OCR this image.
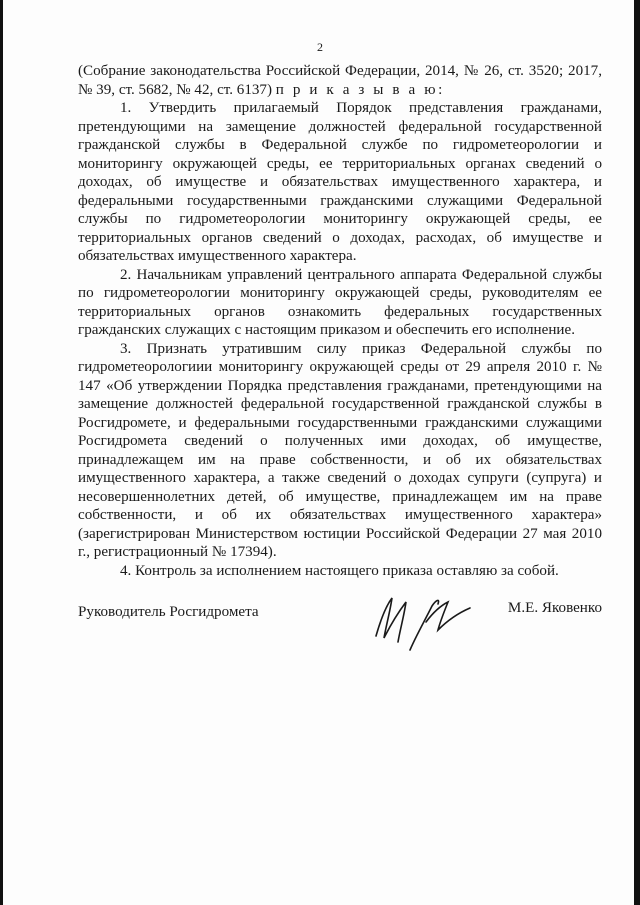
2

(Собрание законодательства Российской Федерации, 2014, № 26, ст. 3520; 2017, № 39, ст. 5682, № 42, ст. 6137) п р и к а з ы в а ю:

1. Утвердить прилагаемый Порядок представления гражданами, претендующими на замещение должностей федеральной государственной гражданской службы в Федеральной службе по гидрометеорологии и мониторингу окружающей среды, ее территориальных органах сведений о доходах, об имуществе и обязательствах имущественного характера, и федеральными государственными гражданскими служащими Федеральной службы по гидрометеорологии мониторингу окружающей среды, ее территориальных органов сведений о доходах, расходах, об имуществе и обязательствах имущественного характера.

2. Начальникам управлений центрального аппарата Федеральной службы по гидрометеорологии мониторингу окружающей среды, руководителям ее территориальных органов ознакомить федеральных государственных гражданских служащих с настоящим приказом и обеспечить его исполнение.

3. Признать утратившим силу приказ Федеральной службы по гидрометеорологиии мониторингу окружающей среды от 29 апреля 2010 г. № 147 «Об утверждении Порядка представления гражданами, претендующими на замещение должностей федеральной государственной гражданской службы в Росгидромете, и федеральными государственными гражданскими служащими Росгидромета сведений о полученных ими доходах, об имуществе, принадлежащем им на праве собственности, и об их обязательствах имущественного характера, а также сведений о доходах супруги (супруга) и несовершеннолетних детей, об имуществе, принадлежащем им на праве собственности, и об их обязательствах имущественного характера» (зарегистрирован Министерством юстиции Российской Федерации 27 мая 2010 г., регистрационный № 17394).

4. Контроль за исполнением настоящего приказа оставляю за собой.

Руководитель Росгидромета	М.Е. Яковенко
